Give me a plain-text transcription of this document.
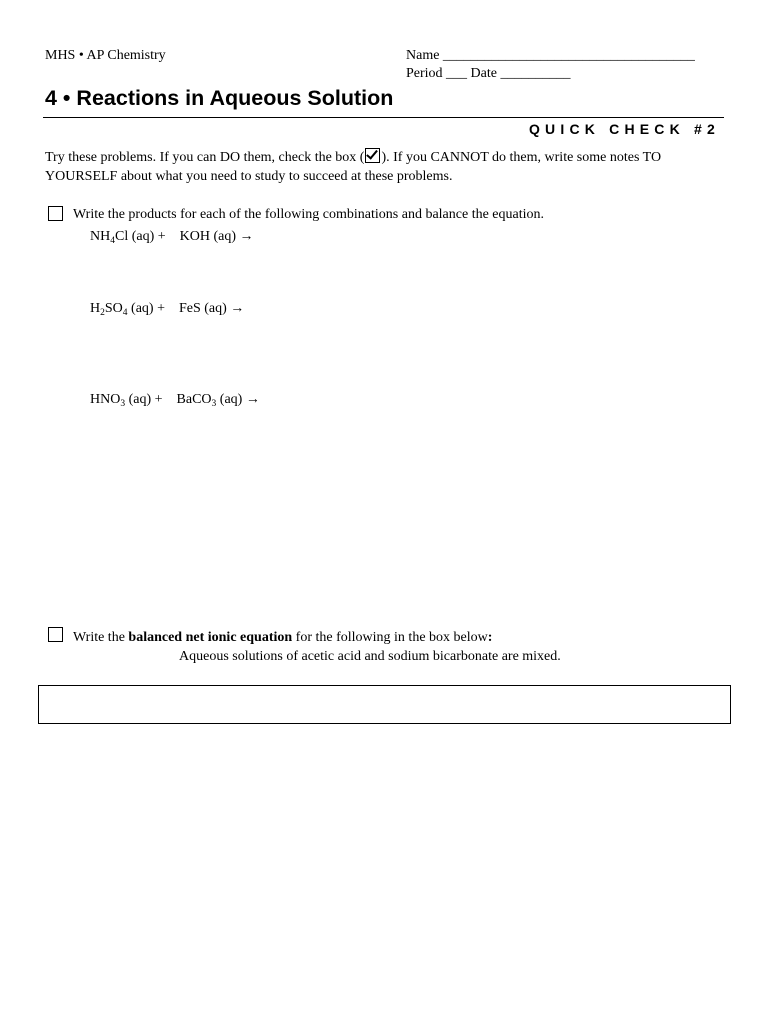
MHS • AP Chemistry	Name ____________________________________
Period ___ Date __________
4 • Reactions in Aqueous Solution
QUICK CHECK #2
Try these problems. If you can DO them, check the box ( ). If you CANNOT do them, write some notes TO YOURSELF about what you need to study to succeed at these problems.
Write the products for each of the following combinations and balance the equation.
$NH_4Cl$ (aq) + KOH (aq) →
$H_2SO_4$ (aq) + FeS (aq) →
$HNO_3$ (aq) + BaCO$_3$ (aq) →
Write the balanced net ionic equation for the following in the box below:
Aqueous solutions of acetic acid and sodium bicarbonate are mixed.
